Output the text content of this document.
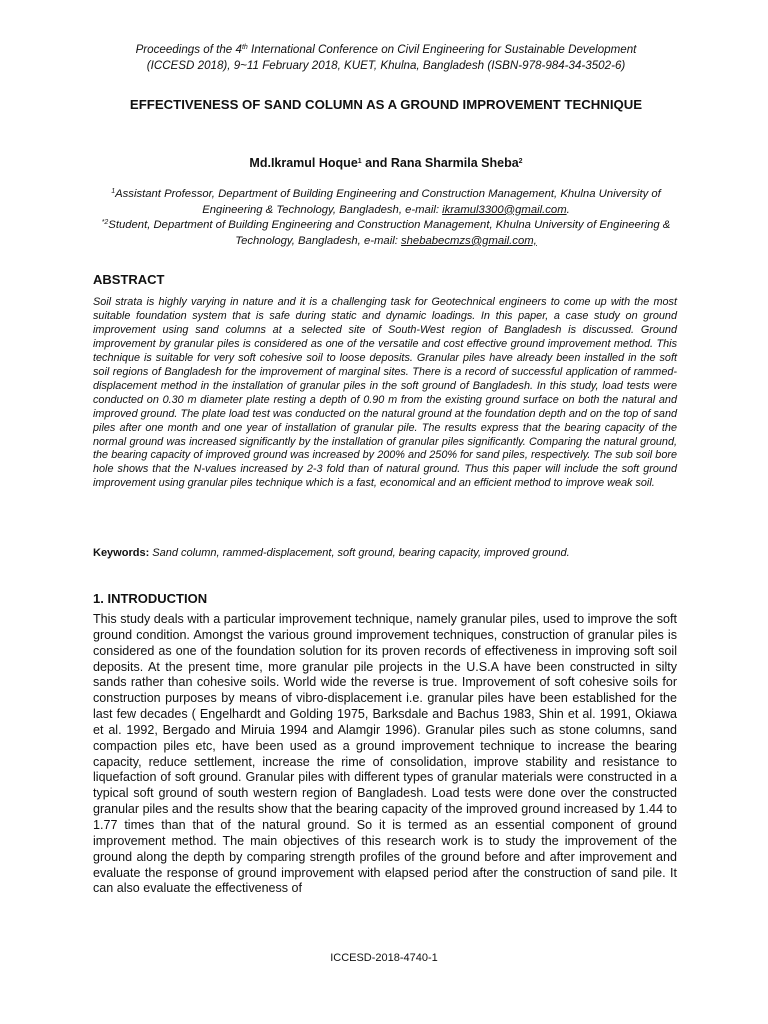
Proceedings of the 4th International Conference on Civil Engineering for Sustainable Development
(ICCESD 2018), 9~11 February 2018, KUET, Khulna, Bangladesh (ISBN-978-984-34-3502-6)
EFFECTIVENESS OF SAND COLUMN AS A GROUND IMPROVEMENT TECHNIQUE
Md.Ikramul Hoque$^1$ and Rana Sharmila Sheba$^2$
$^1$Assistant Professor, Department of Building Engineering and Construction Management, Khulna University of Engineering & Technology, Bangladesh, e-mail: ikramul3300@gmail.com.
$^{*2}$Student, Department of Building Engineering and Construction Management, Khulna University of Engineering & Technology, Bangladesh, e-mail: shebabecmzs@gmail.com,
ABSTRACT
Soil strata is highly varying in nature and it is a challenging task for Geotechnical engineers to come up with the most suitable foundation system that is safe during static and dynamic loadings. In this paper, a case study on ground improvement using sand columns at a selected site of South-West region of Bangladesh is discussed. Ground improvement by granular piles is considered as one of the versatile and cost effective ground improvement method. This technique is suitable for very soft cohesive soil to loose deposits. Granular piles have already been installed in the soft soil regions of Bangladesh for the improvement of marginal sites. There is a record of successful application of rammed-displacement method in the installation of granular piles in the soft ground of Bangladesh. In this study, load tests were conducted on 0.30 m diameter plate resting a depth of 0.90 m from the existing ground surface on both the natural and improved ground. The plate load test was conducted on the natural ground at the foundation depth and on the top of sand piles after one month and one year of installation of granular pile. The results express that the bearing capacity of the normal ground was increased significantly by the installation of granular piles significantly. Comparing the natural ground, the bearing capacity of improved ground was increased by 200% and 250% for sand piles, respectively. The sub soil bore hole shows that the N-values increased by 2-3 fold than of natural ground. Thus this paper will include the soft ground improvement using granular piles technique which is a fast, economical and an efficient method to improve weak soil.
Keywords: Sand column, rammed-displacement, soft ground, bearing capacity, improved ground.
1. INTRODUCTION
This study deals with a particular improvement technique, namely granular piles, used to improve the soft ground condition. Amongst the various ground improvement techniques, construction of granular piles is considered as one of the foundation solution for its proven records of effectiveness in improving soft soil deposits. At the present time, more granular pile projects in the U.S.A have been constructed in silty sands rather than cohesive soils. World wide the reverse is true. Improvement of soft cohesive soils for construction purposes by means of vibro-displacement i.e. granular piles have been established for the last few decades ( Engelhardt and Golding 1975, Barksdale and Bachus 1983, Shin et al. 1991, Okiawa et al. 1992, Bergado and Miruia 1994 and Alamgir 1996). Granular piles such as stone columns, sand compaction piles etc, have been used as a ground improvement technique to increase the bearing capacity, reduce settlement, increase the rime of consolidation, improve stability and resistance to liquefaction of soft ground. Granular piles with different types of granular materials were constructed in a typical soft ground of south western region of Bangladesh. Load tests were done over the constructed granular piles and the results show that the bearing capacity of the improved ground increased by 1.44 to 1.77 times than that of the natural ground. So it is termed as an essential component of ground improvement method. The main objectives of this research work is to study the improvement of the ground along the depth by comparing strength profiles of the ground before and after improvement and evaluate the response of ground improvement with elapsed period after the construction of sand pile. It can also evaluate the effectiveness of
ICCESD-2018-4740-1
